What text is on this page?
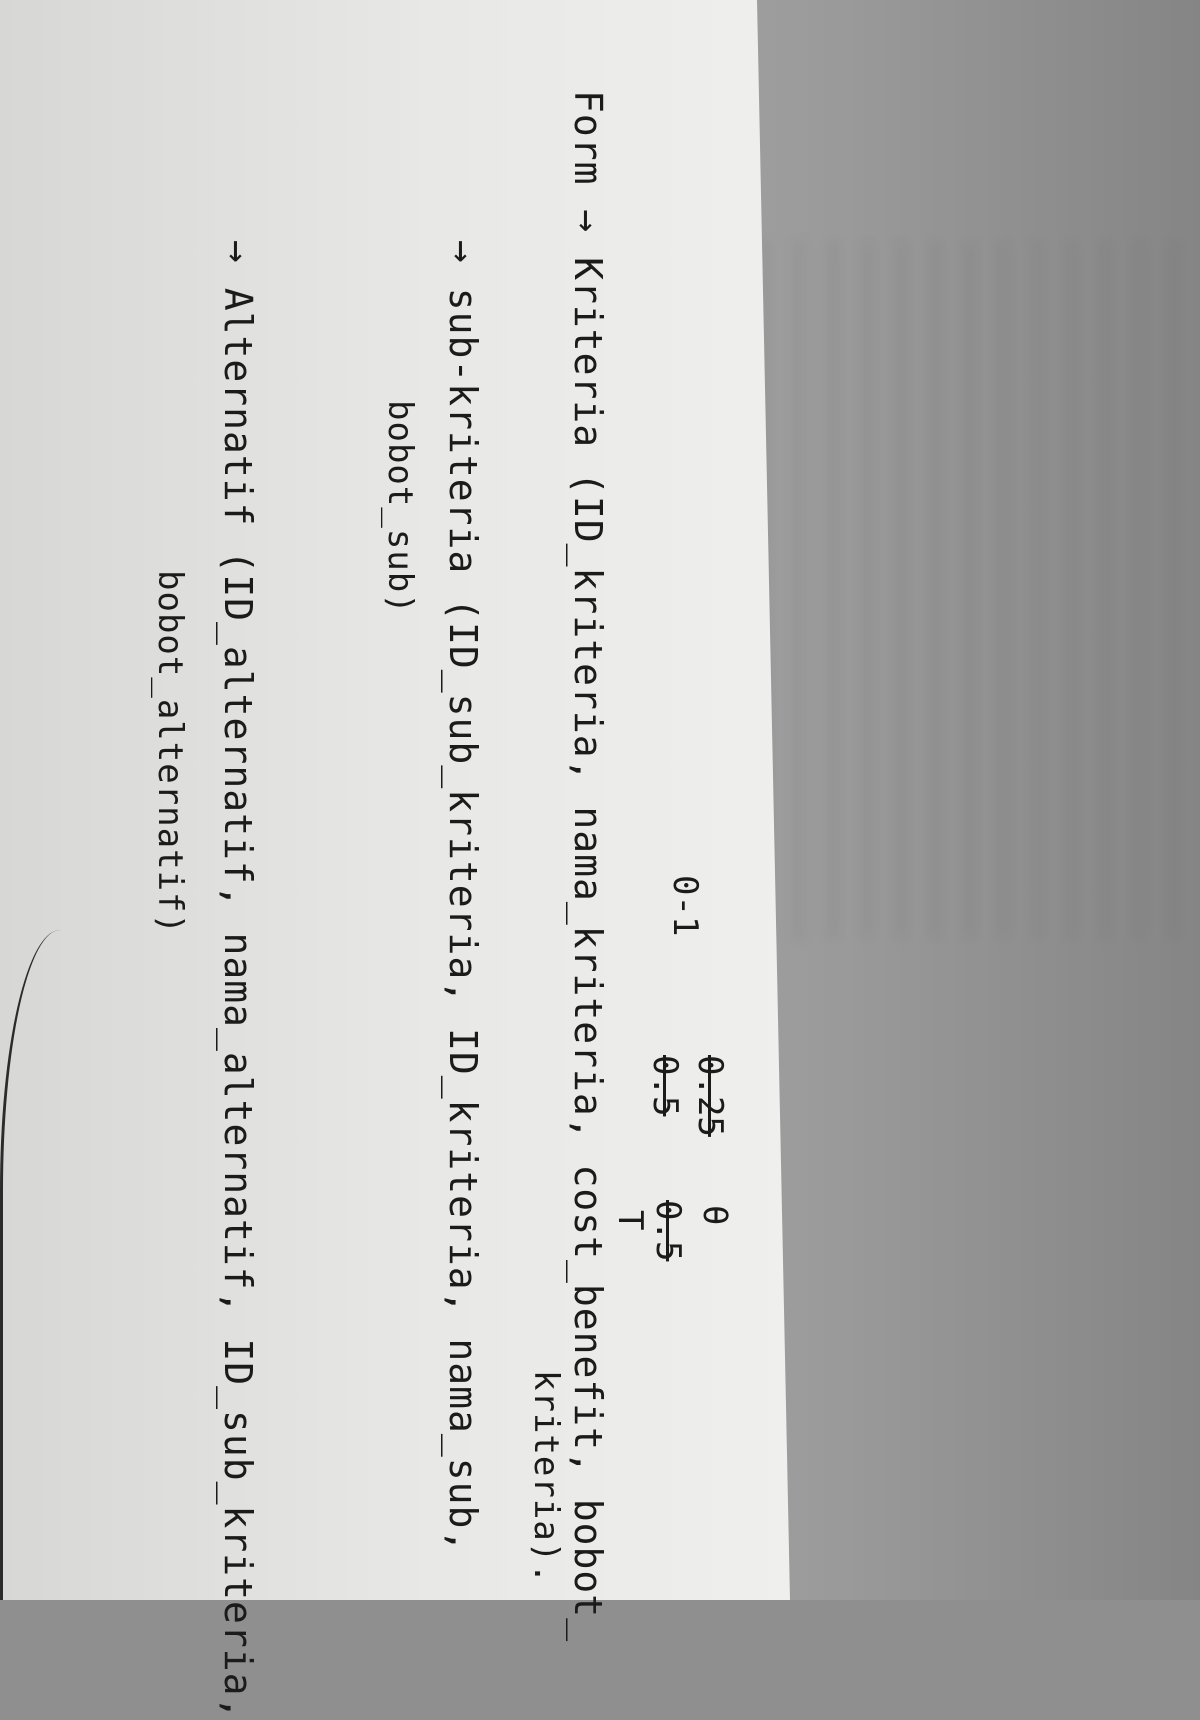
Form → Kriteria (ID_kriteria, nama_kriteria, cost_benefit, bobot_
kriteria).
→ sub-kriteria (ID_sub_kriteria, ID_kriteria, nama_sub,
bobot_sub)
→ Alternatif (ID_alternatif, nama_alternatif, ID_sub_kriteria,
bobot_alternatif)	0-1
0.25
0.5
0.5
T θ
